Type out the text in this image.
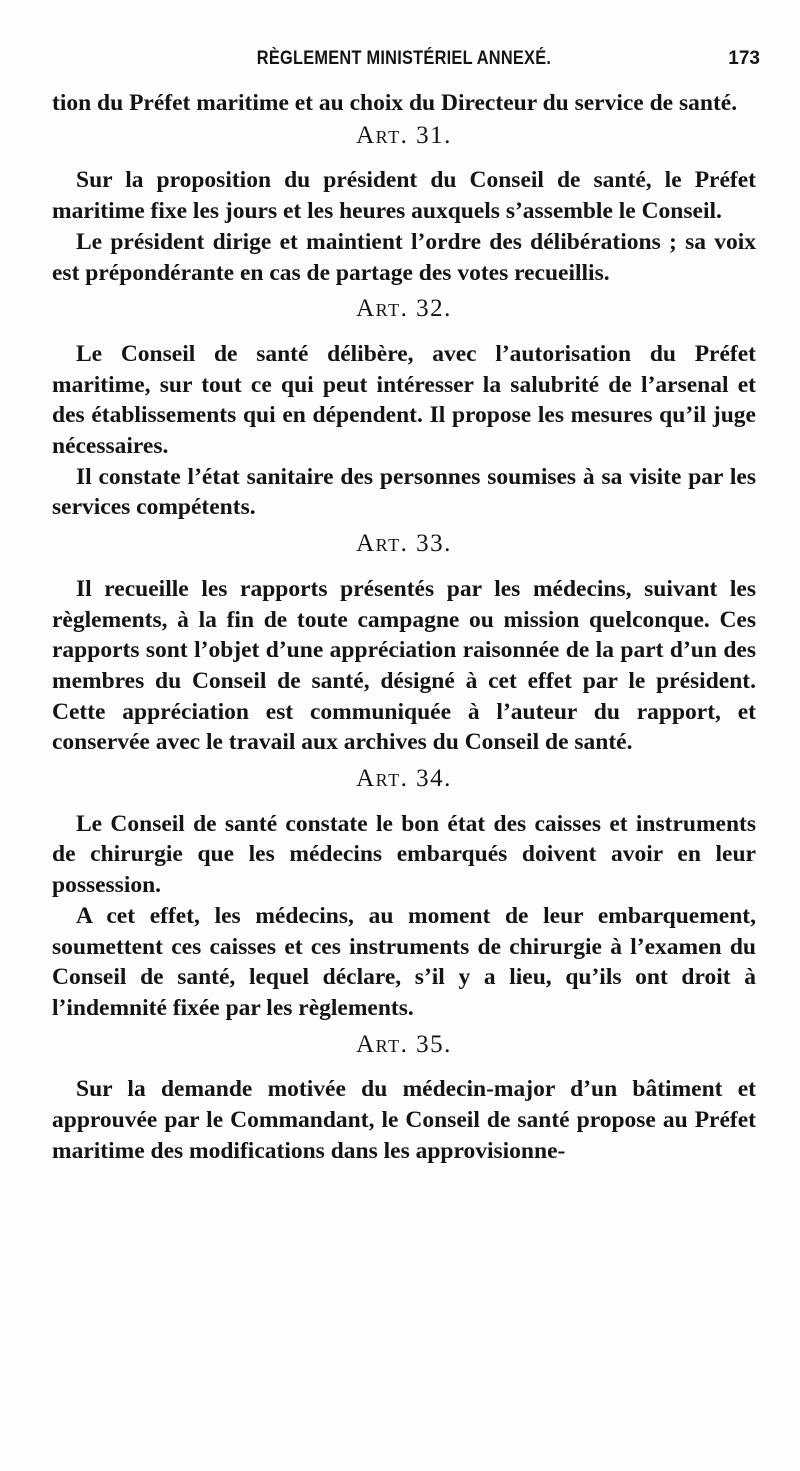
RÈGLEMENT MINISTÉRIEL ANNEXÉ.	173

tion du Préfet maritime et au choix du Directeur du service de santé.

Art. 31.

Sur la proposition du président du Conseil de santé, le Préfet maritime fixe les jours et les heures auxquels s’assemble le Conseil.

Le président dirige et maintient l’ordre des délibérations ; sa voix est prépondérante en cas de partage des votes recueillis.

Art. 32.

Le Conseil de santé délibère, avec l’autorisation du Préfet maritime, sur tout ce qui peut intéresser la salubrité de l’arsenal et des établissements qui en dépendent. Il propose les mesures qu’il juge nécessaires.

Il constate l’état sanitaire des personnes soumises à sa visite par les services compétents.

Art. 33.

Il recueille les rapports présentés par les médecins, suivant les règlements, à la fin de toute campagne ou mission quelconque. Ces rapports sont l’objet d’une appréciation raisonnée de la part d’un des membres du Conseil de santé, désigné à cet effet par le président. Cette appréciation est communiquée à l’auteur du rapport, et conservée avec le travail aux archives du Conseil de santé.

Art. 34.

Le Conseil de santé constate le bon état des caisses et instruments de chirurgie que les médecins embarqués doivent avoir en leur possession.

A cet effet, les médecins, au moment de leur embarquement, soumettent ces caisses et ces instruments de chirurgie à l’examen du Conseil de santé, lequel déclare, s’il y a lieu, qu’ils ont droit à l’indemnité fixée par les règlements.

Art. 35.

Sur la demande motivée du médecin-major d’un bâtiment et approuvée par le Commandant, le Conseil de santé propose au Préfet maritime des modifications dans les approvisionne-
